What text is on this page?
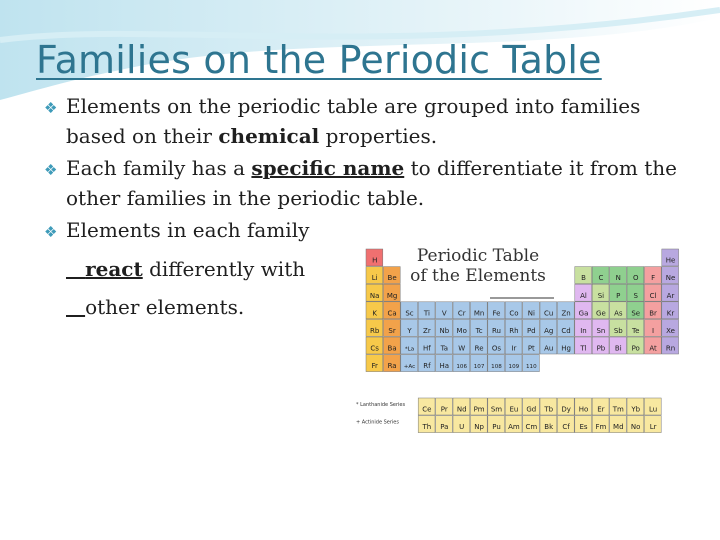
Families on the Periodic Table
❖ Elements on the periodic table are grouped into families based on their chemical properties.
❖ Each family has a specific name to differentiate it from the other families in the periodic table.
❖ Elements in each family
react differently with
other elements.
Periodic Table
of the Elements
H	He
Li Be	B C N O F Ne
Na Mg	Al Si P S Cl Ar
K Ca Sc Ti V Cr Mn Fe Co Ni Cu Zn Ga Ge As Se Br Kr
Rb Sr Y Zr Nb Mo Tc Ru Rh Pd Ag Cd In Sn Sb Te I Xe
Cs Ba *La Hf Ta W Re Os Ir Pt Au Hg Tl Pb Bi Po At Rn
Fr Ra +Ac Rf Ha 106 107 108 109 110
* Lanthanide Series
+ Actinide Series
Ce Pr Nd Pm Sm Eu Gd Tb Dy Ho Er Tm Yb Lu
Th Pa U Np Pu Am Cm Bk Cf Es Fm Md No Lr
